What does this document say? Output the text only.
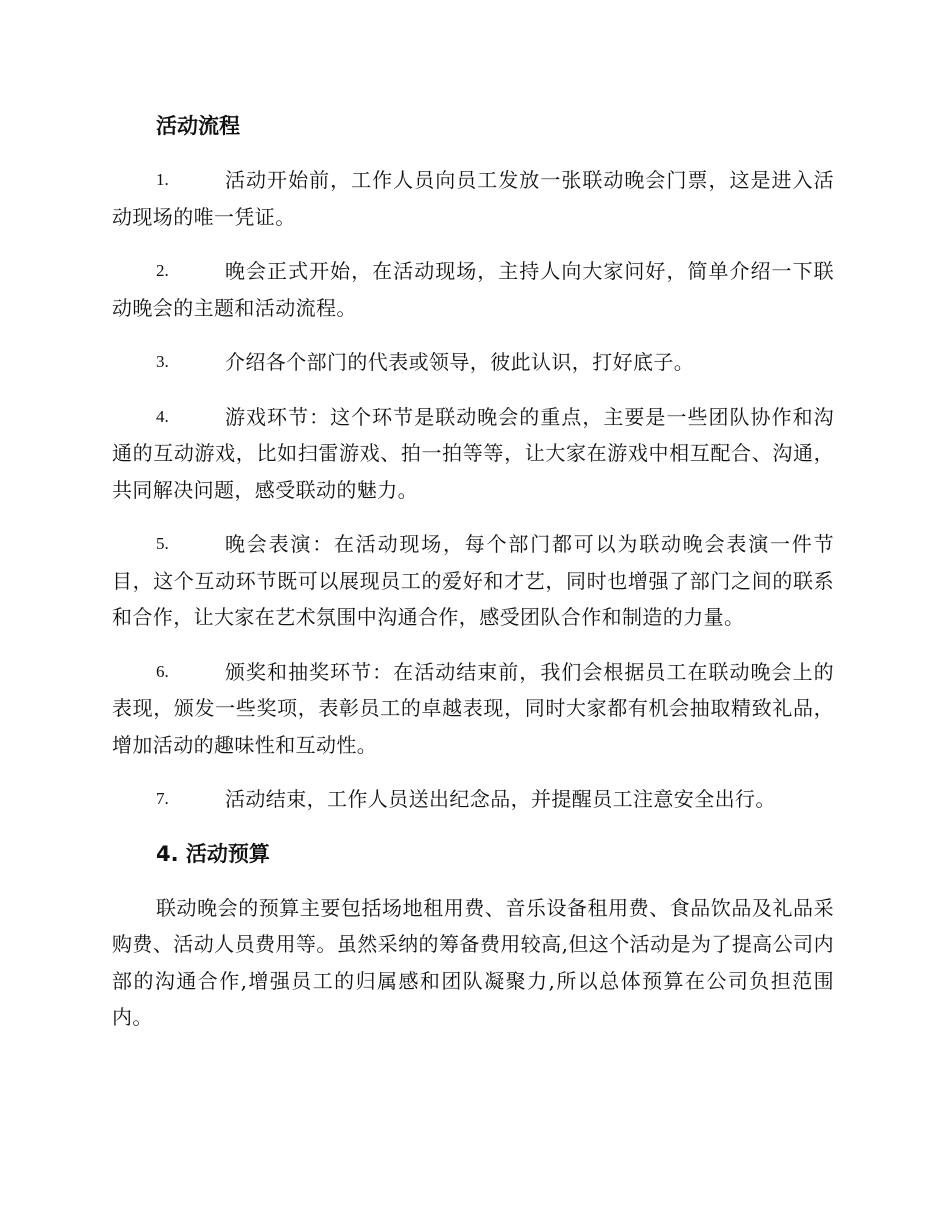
活动流程
1.	活动开始前，工作人员向员工发放一张联动晚会门票，这是进入活动现场的唯一凭证。
2.	晚会正式开始，在活动现场，主持人向大家问好，简单介绍一下联动晚会的主题和活动流程。
3.	介绍各个部门的代表或领导，彼此认识，打好底子。
4.	游戏环节：这个环节是联动晚会的重点，主要是一些团队协作和沟通的互动游戏，比如扫雷游戏、拍一拍等等，让大家在游戏中相互配合、沟通，共同解决问题，感受联动的魅力。
5.	晚会表演：在活动现场，每个部门都可以为联动晚会表演一件节目，这个互动环节既可以展现员工的爱好和才艺，同时也增强了部门之间的联系和合作，让大家在艺术氛围中沟通合作，感受团队合作和制造的力量。
6.	颁奖和抽奖环节：在活动结束前，我们会根据员工在联动晚会上的表现，颁发一些奖项，表彰员工的卓越表现，同时大家都有机会抽取精致礼品，增加活动的趣味性和互动性。
7.	活动结束，工作人员送出纪念品，并提醒员工注意安全出行。
4. 活动预算

联动晚会的预算主要包括场地租用费、音乐设备租用费、食品饮品及礼品采购费、活动人员费用等。虽然采纳的筹备费用较高,但这个活动是为了提高公司内部的沟通合作,增强员工的归属感和团队凝聚力,所以总体预算在公司负担范围内。
